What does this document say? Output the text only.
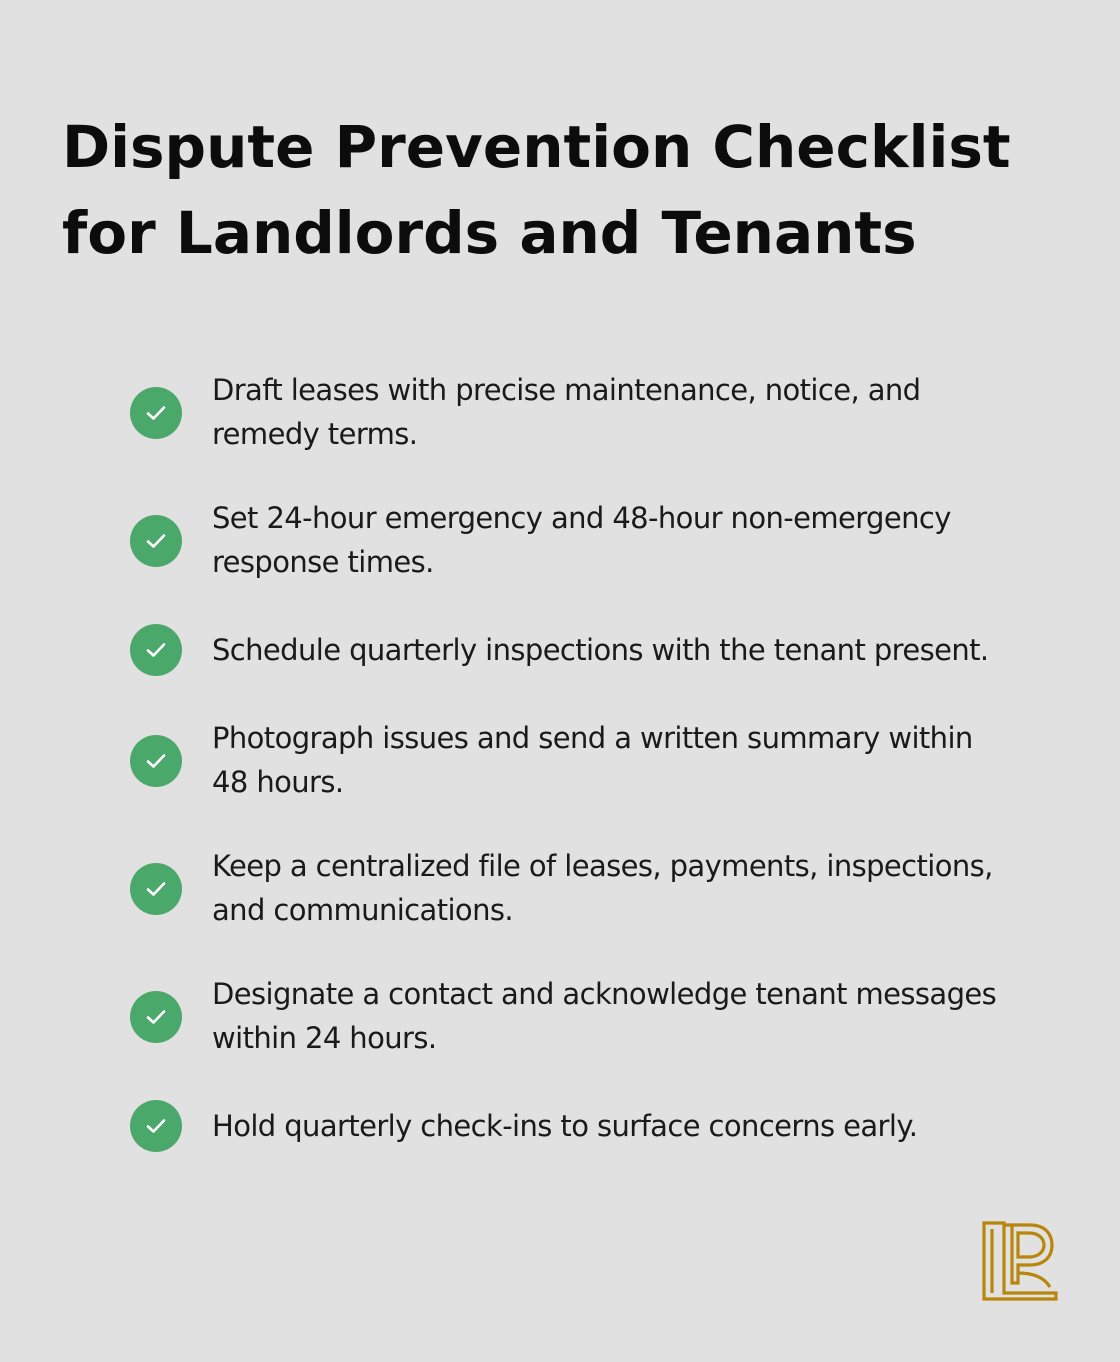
Dispute Prevention Checklist
for Landlords and Tenants
Draft leases with precise maintenance, notice, and
remedy terms.
Set 24-hour emergency and 48-hour non-emergency
response times.
Schedule quarterly inspections with the tenant present.
Photograph issues and send a written summary within
48 hours.
Keep a centralized file of leases, payments, inspections,
and communications.
Designate a contact and acknowledge tenant messages
within 24 hours.
Hold quarterly check-ins to surface concerns early.
